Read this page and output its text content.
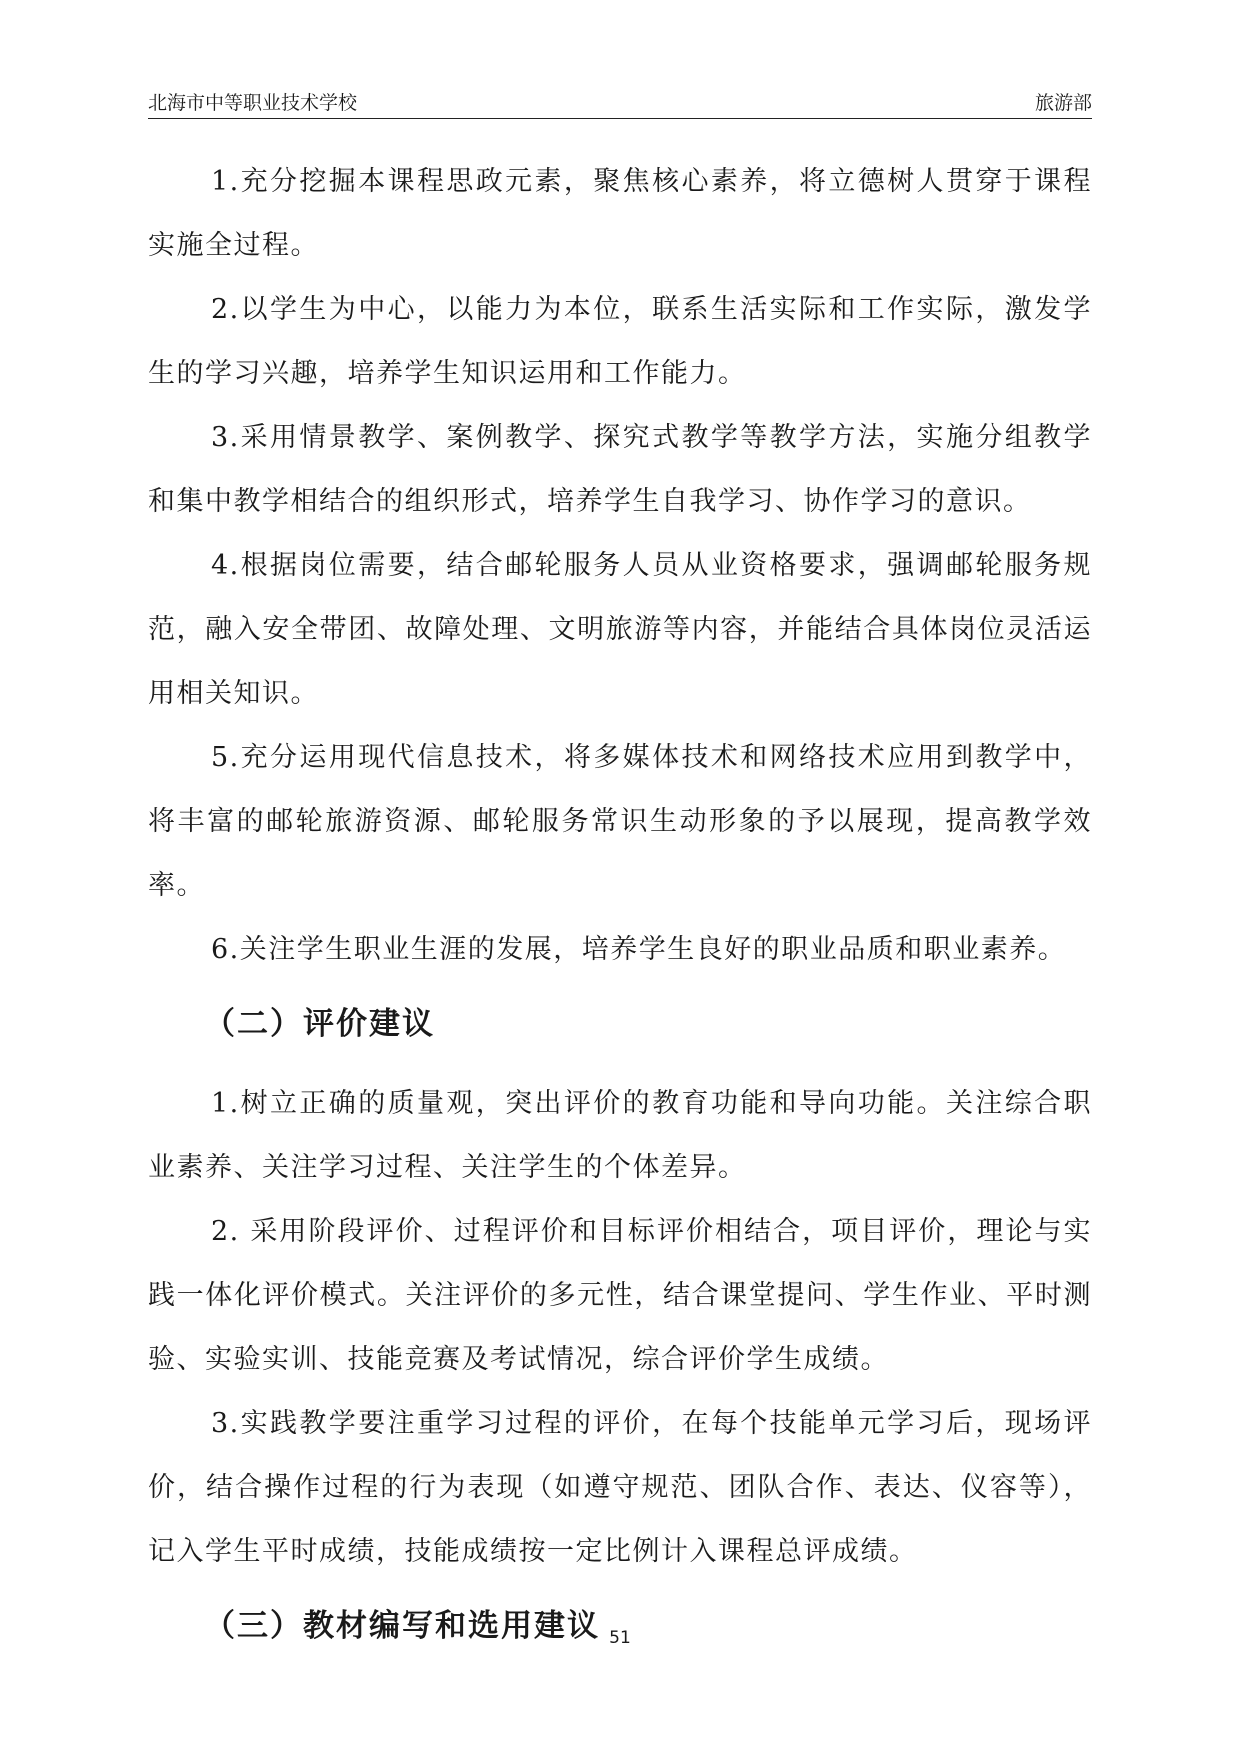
北海市中等职业技术学校	旅游部

1.充分挖掘本课程思政元素，聚焦核心素养，将立德树人贯穿于课程实施全过程。

2.以学生为中心，以能力为本位，联系生活实际和工作实际，激发学生的学习兴趣，培养学生知识运用和工作能力。

3.采用情景教学、案例教学、探究式教学等教学方法，实施分组教学和集中教学相结合的组织形式，培养学生自我学习、协作学习的意识。

4.根据岗位需要，结合邮轮服务人员从业资格要求，强调邮轮服务规范，融入安全带团、故障处理、文明旅游等内容，并能结合具体岗位灵活运用相关知识。

5.充分运用现代信息技术，将多媒体技术和网络技术应用到教学中，将丰富的邮轮旅游资源、邮轮服务常识生动形象的予以展现，提高教学效率。

6.关注学生职业生涯的发展，培养学生良好的职业品质和职业素养。

（二）评价建议

1.树立正确的质量观，突出评价的教育功能和导向功能。关注综合职业素养、关注学习过程、关注学生的个体差异。

2. 采用阶段评价、过程评价和目标评价相结合，项目评价，理论与实践一体化评价模式。关注评价的多元性，结合课堂提问、学生作业、平时测验、实验实训、技能竞赛及考试情况，综合评价学生成绩。

3.实践教学要注重学习过程的评价，在每个技能单元学习后，现场评价，结合操作过程的行为表现（如遵守规范、团队合作、表达、仪容等），记入学生平时成绩，技能成绩按一定比例计入课程总评成绩。

（三）教材编写和选用建议 51
